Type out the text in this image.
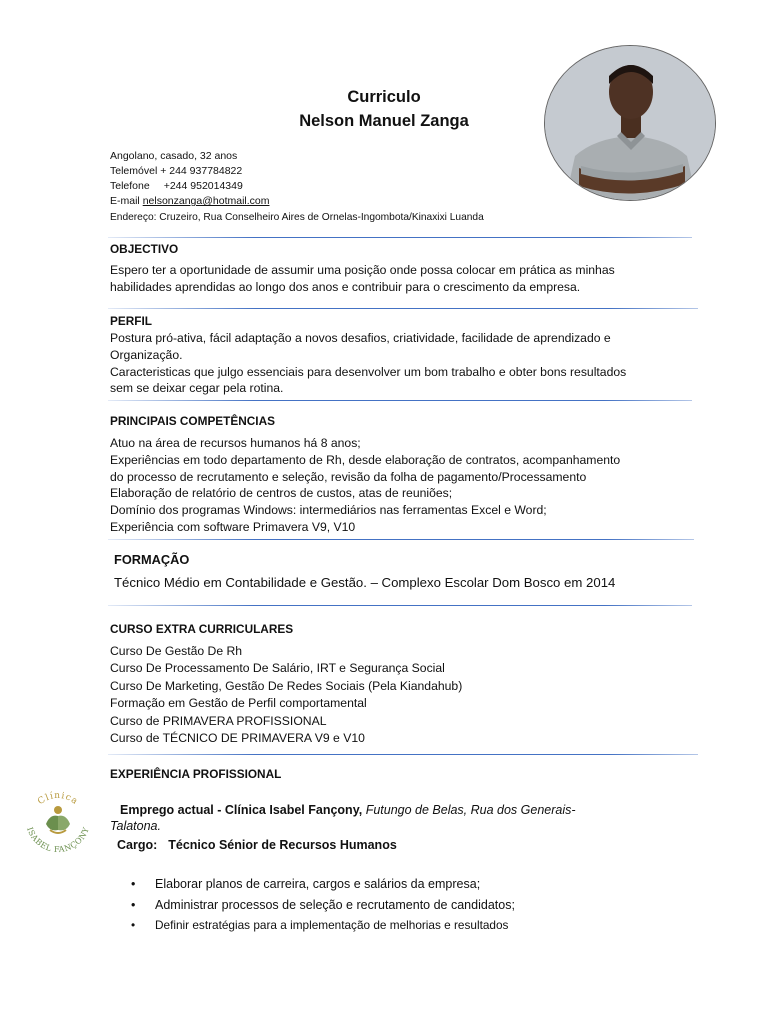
Curriculo
Nelson Manuel Zanga
Angolano, casado, 32 anos
Telemóvel + 244 937784822
Telefone +244 952014349
E-mail nelsonzanga@hotmail.com
Endereço: Cruzeiro, Rua Conselheiro Aires de Ornelas-Ingombota/Kinaxixi Luanda
OBJECTIVO
Espero ter a oportunidade de assumir uma posição onde possa colocar em prática as minhas
habilidades aprendidas ao longo dos anos e contribuir para o crescimento da empresa.
PERFIL
Postura pró-ativa, fácil adaptação a novos desafios, criatividade, facilidade de aprendizado e
Organização.
Caracteristicas que julgo essenciais para desenvolver um bom trabalho e obter bons resultados
sem se deixar cegar pela rotina.
PRINCIPAIS COMPETÊNCIAS
Atuo na área de recursos humanos há 8 anos;
Experiências em todo departamento de Rh, desde elaboração de contratos, acompanhamento
do processo de recrutamento e seleção, revisão da folha de pagamento/Processamento
Elaboração de relatório de centros de custos, atas de reuniões;
Domínio dos programas Windows: intermediários nas ferramentas Excel e Word;
Experiência com software Primavera V9, V10
FORMAÇÃO
Técnico Médio em Contabilidade e Gestão. – Complexo Escolar Dom Bosco em 2014
CURSO EXTRA CURRICULARES
Curso De Gestão De Rh
Curso De Processamento De Salário, IRT e Segurança Social
Curso De Marketing, Gestão De Redes Sociais (Pela Kiandahub)
Formação em Gestão de Perfil comportamental
Curso de PRIMAVERA PROFISSIONAL
Curso de TÉCNICO DE PRIMAVERA V9 e V10
EXPERIÊNCIA PROFISSIONAL
Clínica
ISABEL FANÇONY
Emprego actual - Clínica Isabel Fançony, Futungo de Belas, Rua dos Generais-
Talatona.
Cargo: Técnico Sénior de Recursos Humanos
• Elaborar planos de carreira, cargos e salários da empresa;
• Administrar processos de seleção e recrutamento de candidatos;
• Definir estratégias para a implementação de melhorias e resultados
